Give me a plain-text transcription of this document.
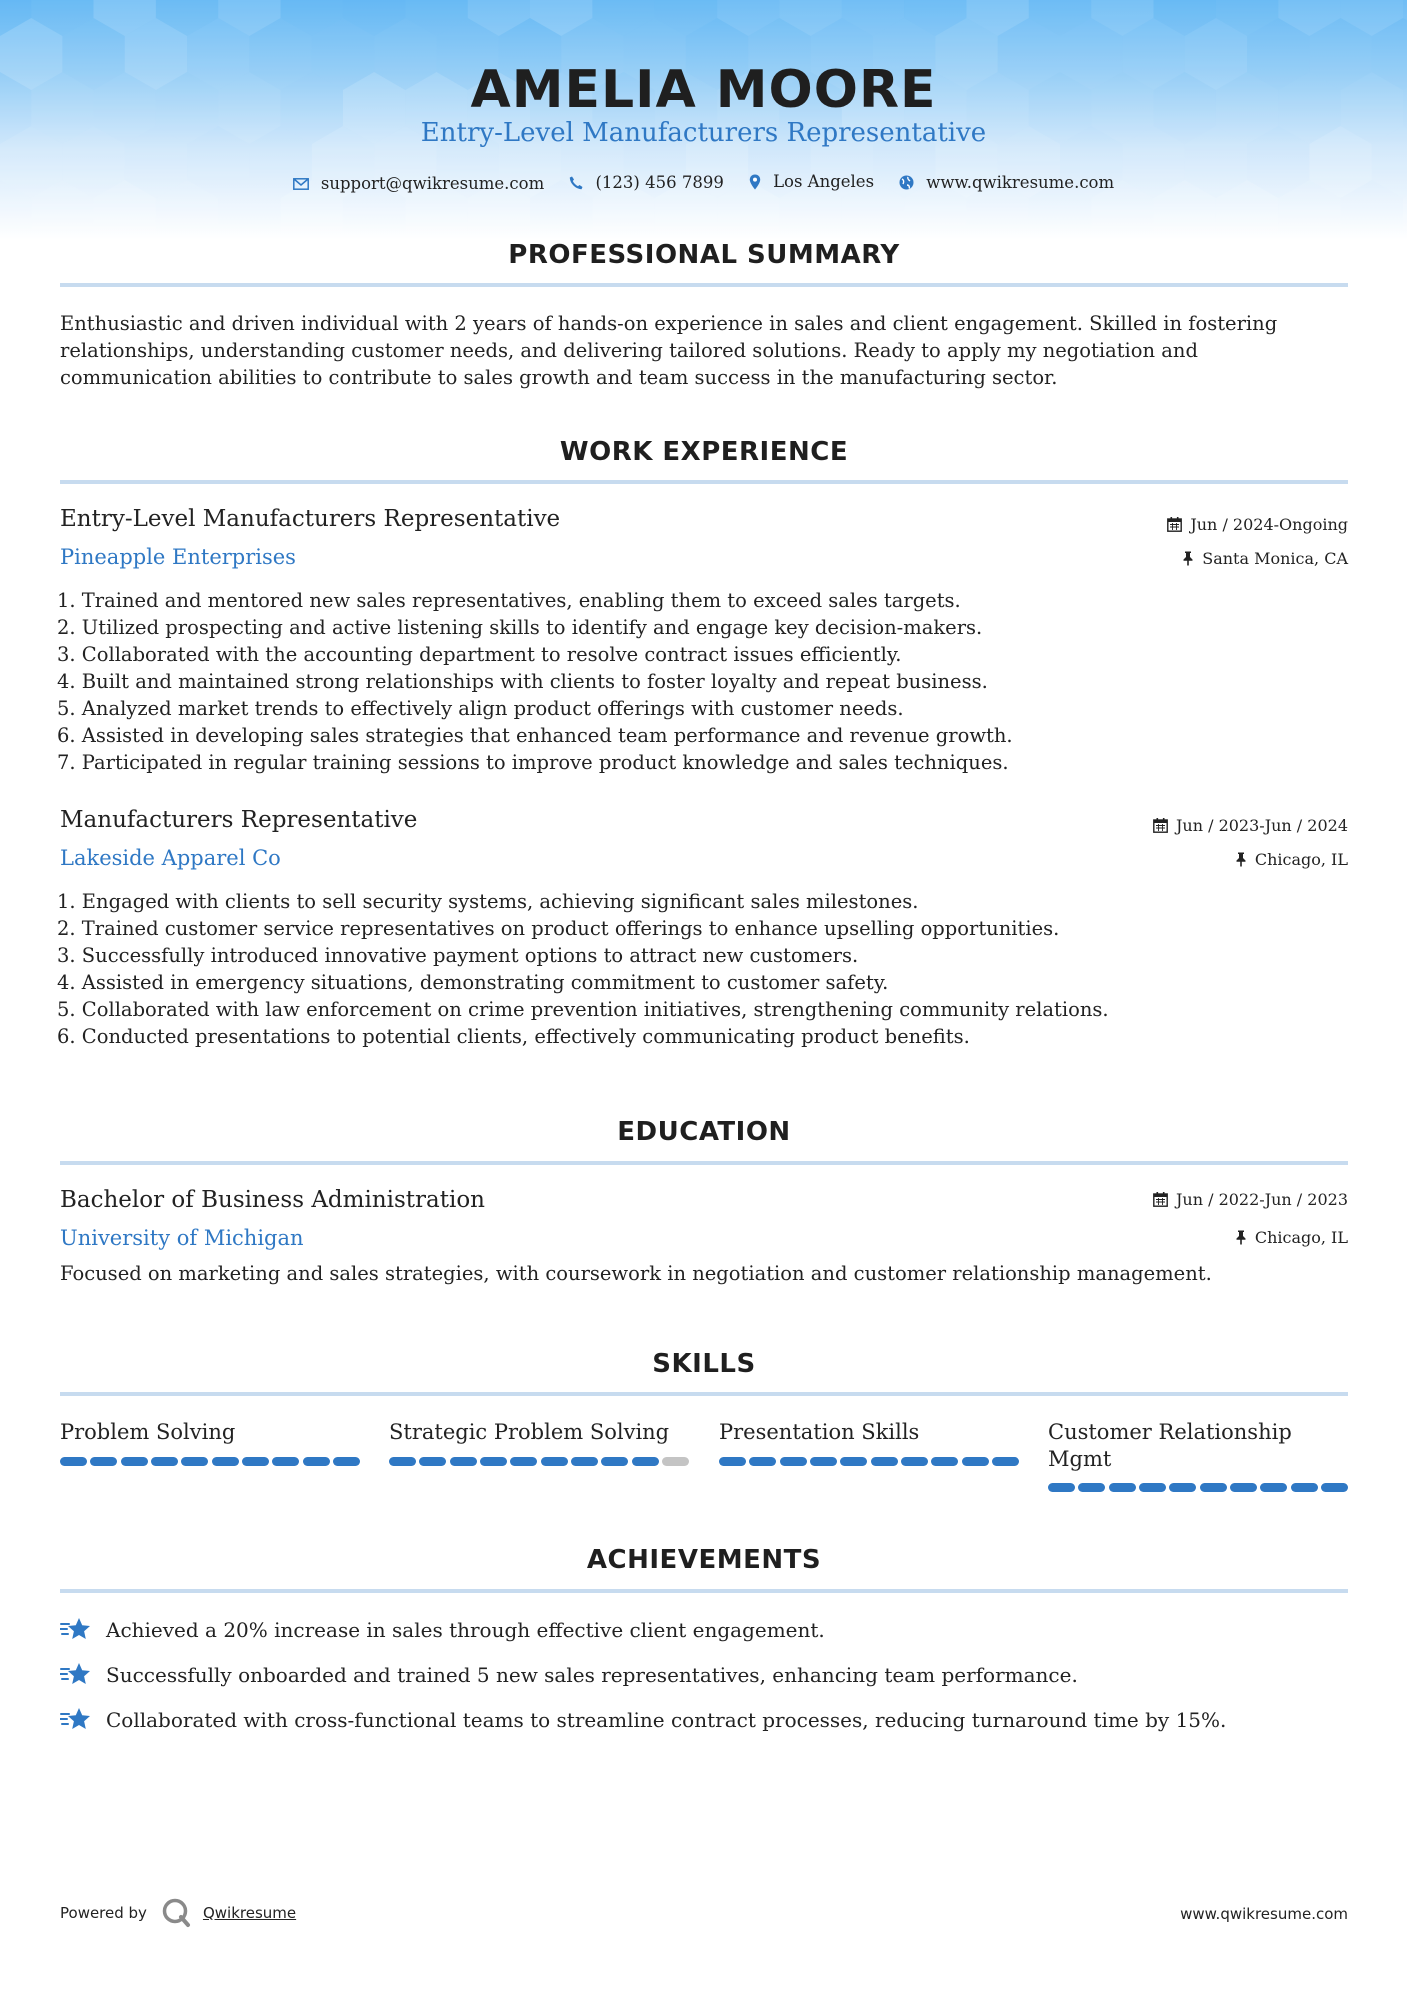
AMELIA MOORE
Entry-Level Manufacturers Representative
support@qwikresume.com
	(123) 456 7899
	Los Angeles
	www.qwikresume.com
PROFESSIONAL SUMMARY
Enthusiastic and driven individual with 2 years of hands-on experience in sales and client engagement. Skilled in fostering relationships, understanding customer needs, and delivering tailored solutions. Ready to apply my negotiation and communication abilities to contribute to sales growth and team success in the manufacturing sector.
WORK EXPERIENCE
Entry-Level Manufacturers Representative	Jun / 2024-Ongoing
Pineapple Enterprises	Santa Monica, CA
1. Trained and mentored new sales representatives, enabling them to exceed sales targets.
2. Utilized prospecting and active listening skills to identify and engage key decision-makers.
3. Collaborated with the accounting department to resolve contract issues efficiently.
4. Built and maintained strong relationships with clients to foster loyalty and repeat business.
5. Analyzed market trends to effectively align product offerings with customer needs.
6. Assisted in developing sales strategies that enhanced team performance and revenue growth.
7. Participated in regular training sessions to improve product knowledge and sales techniques.
Manufacturers Representative	Jun / 2023-Jun / 2024
Lakeside Apparel Co	Chicago, IL
1. Engaged with clients to sell security systems, achieving significant sales milestones.
2. Trained customer service representatives on product offerings to enhance upselling opportunities.
3. Successfully introduced innovative payment options to attract new customers.
4. Assisted in emergency situations, demonstrating commitment to customer safety.
5. Collaborated with law enforcement on crime prevention initiatives, strengthening community relations.
6. Conducted presentations to potential clients, effectively communicating product benefits.
EDUCATION
Bachelor of Business Administration	Jun / 2022-Jun / 2023
University of Michigan	Chicago, IL
Focused on marketing and sales strategies, with coursework in negotiation and customer relationship management.
SKILLS
Problem Solving	Strategic Problem Solving	Presentation Skills	Customer Relationship Mgmt
ACHIEVEMENTS
Achieved a 20% increase in sales through effective client engagement.
Successfully onboarded and trained 5 new sales representatives, enhancing team performance.
Collaborated with cross-functional teams to streamline contract processes, reducing turnaround time by 15%.
Powered by	Qwikresume	www.qwikresume.com
